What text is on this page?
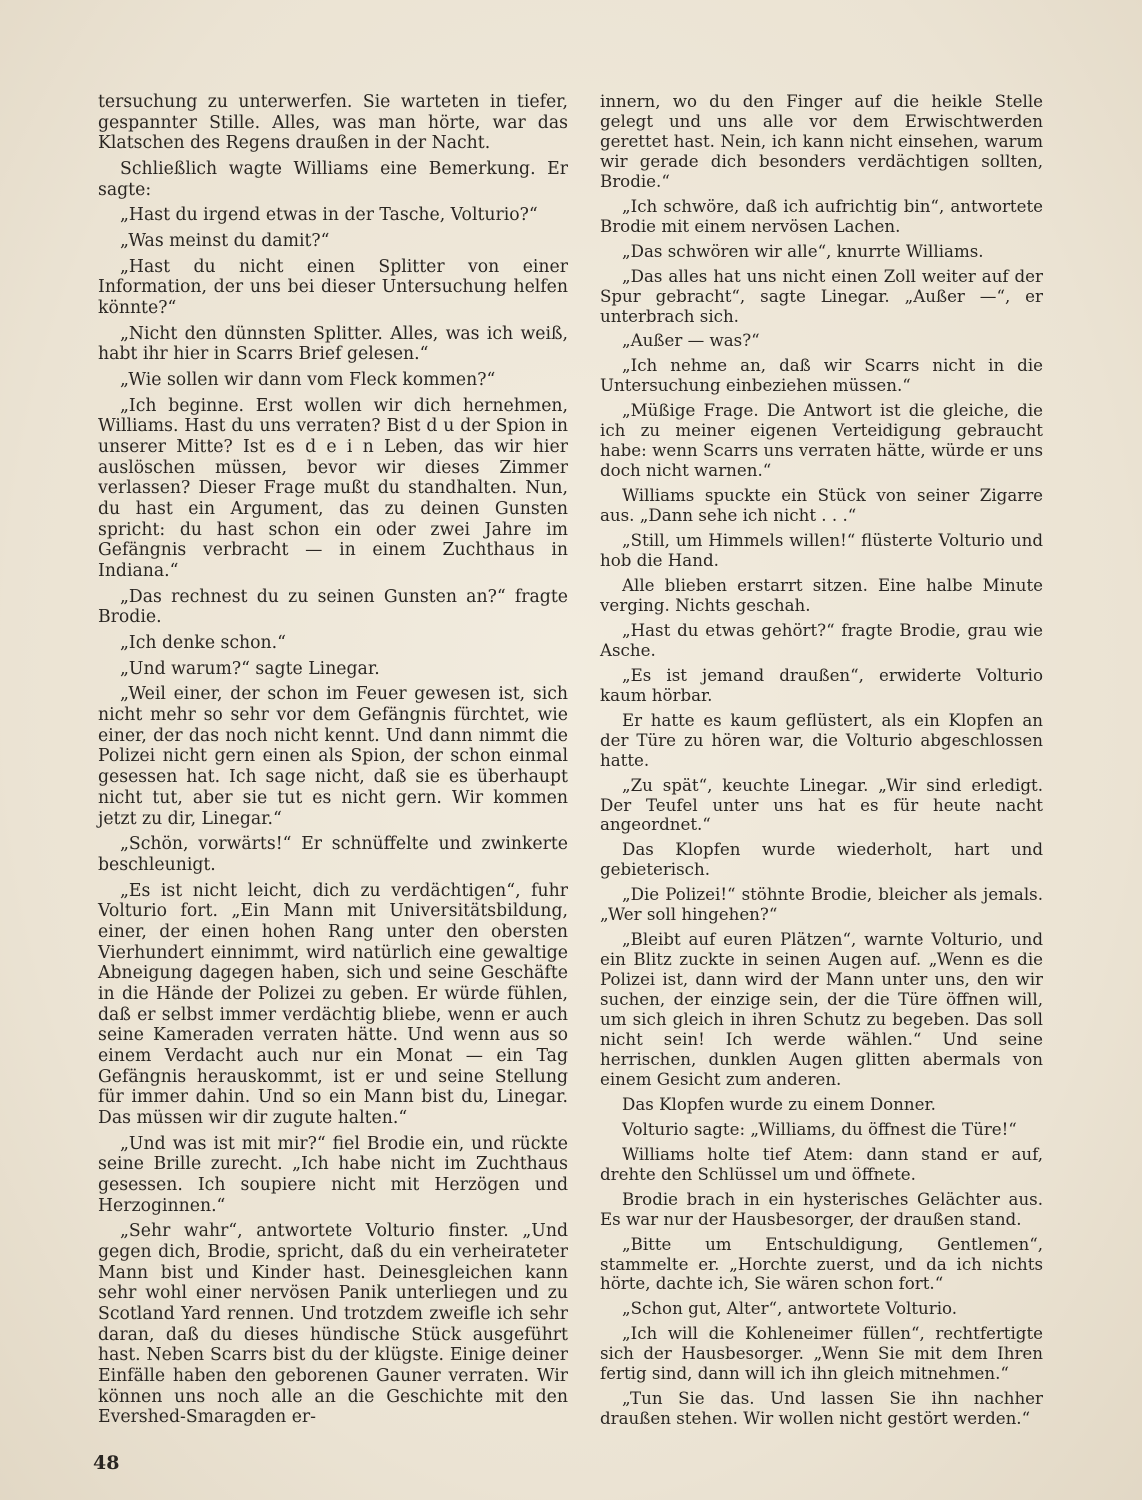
tersuchung zu unterwerfen. Sie warteten in tiefer, gespannter Stille. Alles, was man hörte, war das Klatschen des Regens draußen in der Nacht.

Schließlich wagte Williams eine Bemerkung. Er sagte:

„Hast du irgend etwas in der Tasche, Volturio?“

„Was meinst du damit?“

„Hast du nicht einen Splitter von einer Information, der uns bei dieser Untersuchung helfen könnte?“

„Nicht den dünnsten Splitter. Alles, was ich weiß, habt ihr hier in Scarrs Brief gelesen.“

„Wie sollen wir dann vom Fleck kommen?“

„Ich beginne. Erst wollen wir dich hernehmen, Williams. Hast du uns verraten? Bist d u der Spion in unserer Mitte? Ist es d e i n Leben, das wir hier auslöschen müssen, bevor wir dieses Zimmer verlassen? Dieser Frage mußt du standhalten. Nun, du hast ein Argument, das zu deinen Gunsten spricht: du hast schon ein oder zwei Jahre im Gefängnis verbracht — in einem Zuchthaus in Indiana.“

„Das rechnest du zu seinen Gunsten an?“ fragte Brodie.

„Ich denke schon.“

„Und warum?“ sagte Linegar.

„Weil einer, der schon im Feuer gewesen ist, sich nicht mehr so sehr vor dem Gefängnis fürchtet, wie einer, der das noch nicht kennt. Und dann nimmt die Polizei nicht gern einen als Spion, der schon einmal gesessen hat. Ich sage nicht, daß sie es überhaupt nicht tut, aber sie tut es nicht gern. Wir kommen jetzt zu dir, Linegar.“

„Schön, vorwärts!“ Er schnüffelte und zwinkerte beschleunigt.

„Es ist nicht leicht, dich zu verdächtigen“, fuhr Volturio fort. „Ein Mann mit Universitätsbildung, einer, der einen hohen Rang unter den obersten Vierhundert einnimmt, wird natürlich eine gewaltige Abneigung dagegen haben, sich und seine Geschäfte in die Hände der Polizei zu geben. Er würde fühlen, daß er selbst immer verdächtig bliebe, wenn er auch seine Kameraden verraten hätte. Und wenn aus so einem Verdacht auch nur ein Monat — ein Tag Gefängnis herauskommt, ist er und seine Stellung für immer dahin. Und so ein Mann bist du, Linegar. Das müssen wir dir zugute halten.“

„Und was ist mit mir?“ fiel Brodie ein, und rückte seine Brille zurecht. „Ich habe nicht im Zuchthaus gesessen. Ich soupiere nicht mit Herzögen und Herzoginnen.“

„Sehr wahr“, antwortete Volturio finster. „Und gegen dich, Brodie, spricht, daß du ein verheirateter Mann bist und Kinder hast. Deinesgleichen kann sehr wohl einer nervösen Panik unterliegen und zu Scotland Yard rennen. Und trotzdem zweifle ich sehr daran, daß du dieses hündische Stück ausgeführt hast. Neben Scarrs bist du der klügste. Einige deiner Einfälle haben den geborenen Gauner verraten. Wir können uns noch alle an die Geschichte mit den Evershed-Smaragden er-

innern, wo du den Finger auf die heikle Stelle gelegt und uns alle vor dem Erwischtwerden gerettet hast. Nein, ich kann nicht einsehen, warum wir gerade dich besonders verdächtigen sollten, Brodie.“

„Ich schwöre, daß ich aufrichtig bin“, antwortete Brodie mit einem nervösen Lachen.

„Das schwören wir alle“, knurrte Williams.

„Das alles hat uns nicht einen Zoll weiter auf der Spur gebracht“, sagte Linegar. „Außer —“, er unterbrach sich.

„Außer — was?“

„Ich nehme an, daß wir Scarrs nicht in die Untersuchung einbeziehen müssen.“

„Müßige Frage. Die Antwort ist die gleiche, die ich zu meiner eigenen Verteidigung gebraucht habe: wenn Scarrs uns verraten hätte, würde er uns doch nicht warnen.“

Williams spuckte ein Stück von seiner Zigarre aus. „Dann sehe ich nicht . . .“

„Still, um Himmels willen!“ flüsterte Volturio und hob die Hand.

Alle blieben erstarrt sitzen. Eine halbe Minute verging. Nichts geschah.

„Hast du etwas gehört?“ fragte Brodie, grau wie Asche.

„Es ist jemand draußen“, erwiderte Volturio kaum hörbar.

Er hatte es kaum geflüstert, als ein Klopfen an der Türe zu hören war, die Volturio abgeschlossen hatte.

„Zu spät“, keuchte Linegar. „Wir sind erledigt. Der Teufel unter uns hat es für heute nacht angeordnet.“

Das Klopfen wurde wiederholt, hart und gebieterisch.

„Die Polizei!“ stöhnte Brodie, bleicher als jemals. „Wer soll hingehen?“

„Bleibt auf euren Plätzen“, warnte Volturio, und ein Blitz zuckte in seinen Augen auf. „Wenn es die Polizei ist, dann wird der Mann unter uns, den wir suchen, der einzige sein, der die Türe öffnen will, um sich gleich in ihren Schutz zu begeben. Das soll nicht sein! Ich werde wählen.“ Und seine herrischen, dunklen Augen glitten abermals von einem Gesicht zum anderen.

Das Klopfen wurde zu einem Donner.

Volturio sagte: „Williams, du öffnest die Türe!“

Williams holte tief Atem: dann stand er auf, drehte den Schlüssel um und öffnete.

Brodie brach in ein hysterisches Gelächter aus. Es war nur der Hausbesorger, der draußen stand.

„Bitte um Entschuldigung, Gentlemen“, stammelte er. „Horchte zuerst, und da ich nichts hörte, dachte ich, Sie wären schon fort.“

„Schon gut, Alter“, antwortete Volturio.

„Ich will die Kohleneimer füllen“, rechtfertigte sich der Hausbesorger. „Wenn Sie mit dem Ihren fertig sind, dann will ich ihn gleich mitnehmen.“

„Tun Sie das. Und lassen Sie ihn nachher draußen stehen. Wir wollen nicht gestört werden.“

48
